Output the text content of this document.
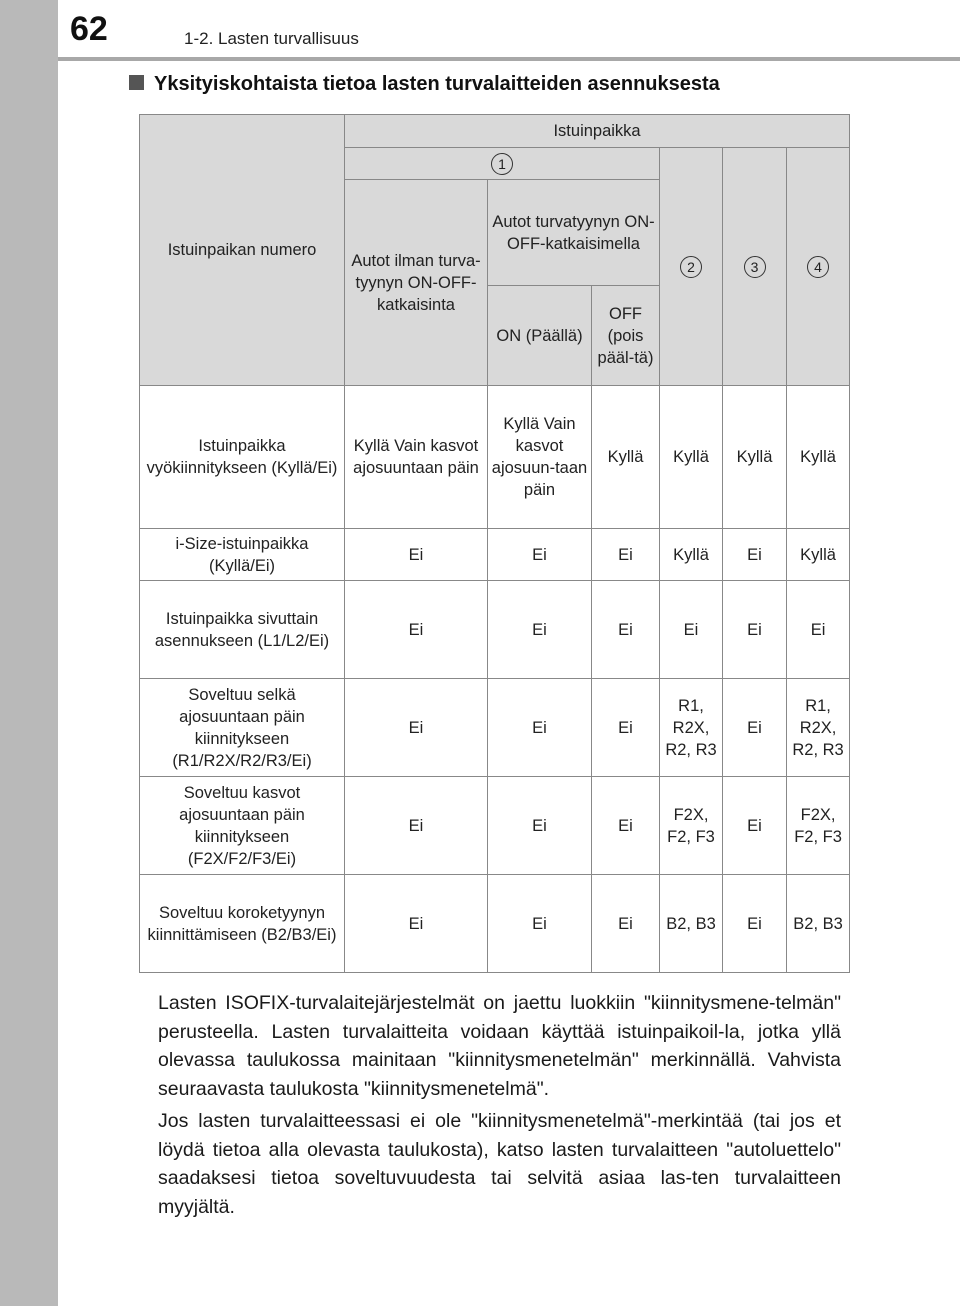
62	1-2. Lasten turvallisuus
Yksityiskohtaista tietoa lasten turvalaitteiden asennuksesta
Istuinpaikan numero	Istuinpaikka					
	1			2	3	4
	Autot ilman turva-tyynyn ON-OFF-katkaisinta	Autot turvatyynyn ON-OFF-katkaisimella				
		ON (Päällä)	OFF (pois pääl-tä)			
Istuinpaikka vyökiinnitykseen (Kyllä/Ei)	Kyllä Vain kasvot ajosuuntaan päin	Kyllä Vain kasvot ajosuun-taan päin	Kyllä	Kyllä	Kyllä	Kyllä
i-Size-istuinpaikka (Kyllä/Ei)	Ei	Ei	Ei	Kyllä	Ei	Kyllä
Istuinpaikka sivuttain asennukseen (L1/L2/Ei)	Ei	Ei	Ei	Ei	Ei	Ei
Soveltuu selkä ajosuuntaan päin kiinnitykseen (R1/R2X/R2/R3/Ei)	Ei	Ei	Ei	R1, R2X, R2, R3	Ei	R1, R2X, R2, R3
Soveltuu kasvot ajosuuntaan päin kiinnitykseen (F2X/F2/F3/Ei)	Ei	Ei	Ei	F2X, F2, F3	Ei	F2X, F2, F3
Soveltuu koroketyynyn kiinnittämiseen (B2/B3/Ei)	Ei	Ei	Ei	B2, B3	Ei	B2, B3

Lasten ISOFIX-turvalaitejärjestelmät on jaettu luokkiin "kiinnitysmene-telmän" perusteella. Lasten turvalaitteita voidaan käyttää istuinpaikoil-la, jotka yllä olevassa taulukossa mainitaan "kiinnitysmenetelmän" merkinnällä. Vahvista seuraavasta taulukosta "kiinnitysmenetelmä".

Jos lasten turvalaitteessasi ei ole "kiinnitysmenetelmä"-merkintää (tai jos et löydä tietoa alla olevasta taulukosta), katso lasten turvalaitteen "autoluettelo" saadaksesi tietoa soveltuvuudesta tai selvitä asiaa las-ten turvalaitteen myyjältä.
